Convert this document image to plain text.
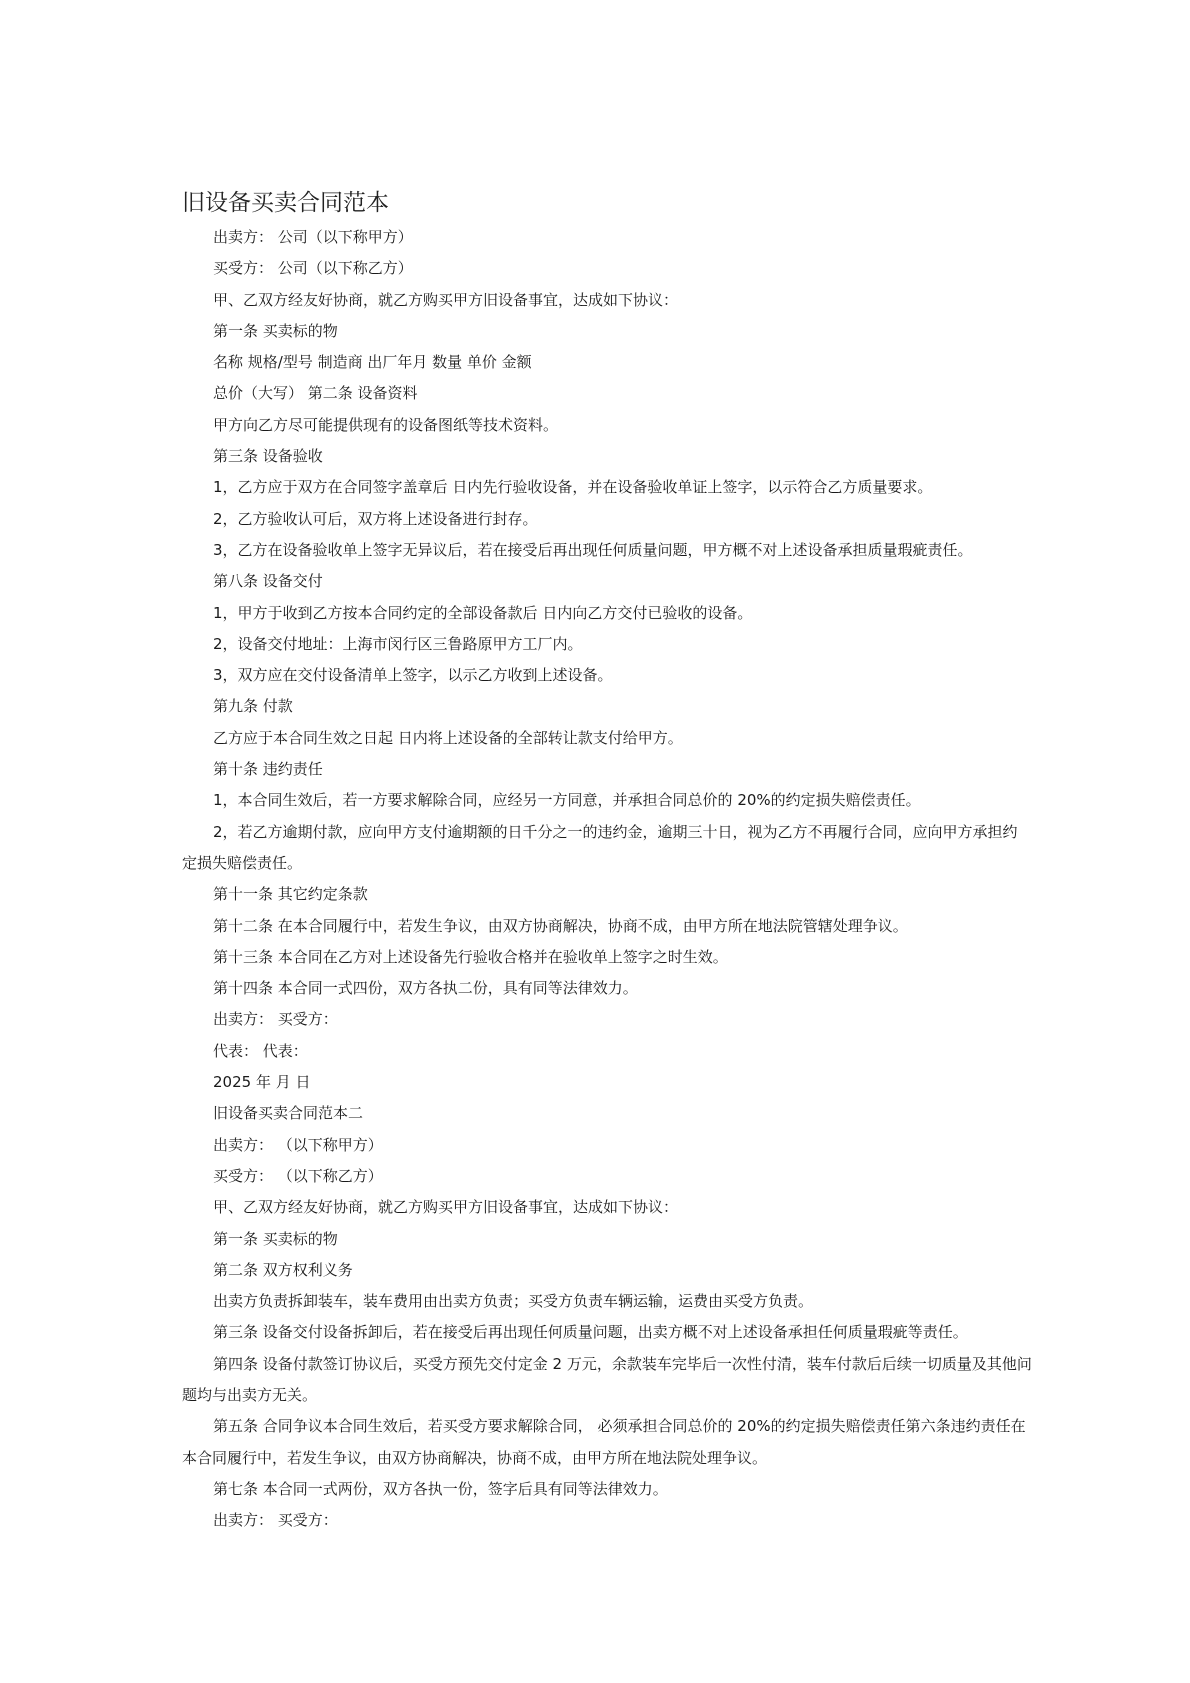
旧设备买卖合同范本

出卖方： 公司（以下称甲方）

买受方： 公司（以下称乙方）

甲、乙双方经友好协商，就乙方购买甲方旧设备事宜，达成如下协议：

第一条 买卖标的物

名称 规格/型号 制造商 出厂年月 数量 单价 金额

总价（大写） 第二条 设备资料

甲方向乙方尽可能提供现有的设备图纸等技术资料。

第三条 设备验收

1，乙方应于双方在合同签字盖章后 日内先行验收设备，并在设备验收单证上签字，以示符合乙方质量要求。

2，乙方验收认可后，双方将上述设备进行封存。

3，乙方在设备验收单上签字无异议后，若在接受后再出现任何质量问题，甲方概不对上述设备承担质量瑕疵责任。

第八条 设备交付

1，甲方于收到乙方按本合同约定的全部设备款后 日内向乙方交付已验收的设备。

2，设备交付地址：上海市闵行区三鲁路原甲方工厂内。

3，双方应在交付设备清单上签字，以示乙方收到上述设备。

第九条 付款

乙方应于本合同生效之日起 日内将上述设备的全部转让款支付给甲方。

第十条 违约责任

1，本合同生效后，若一方要求解除合同，应经另一方同意，并承担合同总价的 20%的约定损失赔偿责任。

2，若乙方逾期付款，应向甲方支付逾期额的日千分之一的违约金，逾期三十日，视为乙方不再履行合同，应向甲方承担约定损失赔偿责任。

第十一条 其它约定条款

第十二条 在本合同履行中，若发生争议，由双方协商解决，协商不成，由甲方所在地法院管辖处理争议。

第十三条 本合同在乙方对上述设备先行验收合格并在验收单上签字之时生效。

第十四条 本合同一式四份，双方各执二份，具有同等法律效力。

出卖方： 买受方：

代表： 代表：

2025 年 月 日

旧设备买卖合同范本二

出卖方： （以下称甲方）

买受方： （以下称乙方）

甲、乙双方经友好协商，就乙方购买甲方旧设备事宜，达成如下协议：

第一条 买卖标的物

第二条 双方权利义务

出卖方负责拆卸装车，装车费用由出卖方负责；买受方负责车辆运输，运费由买受方负责。

第三条 设备交付设备拆卸后，若在接受后再出现任何质量问题，出卖方概不对上述设备承担任何质量瑕疵等责任。

第四条 设备付款签订协议后，买受方预先交付定金 2 万元，余款装车完毕后一次性付清，装车付款后后续一切质量及其他问题均与出卖方无关。

第五条 合同争议本合同生效后，若买受方要求解除合同， 必须承担合同总价的 20%的约定损失赔偿责任第六条违约责任在本合同履行中，若发生争议，由双方协商解决，协商不成，由甲方所在地法院处理争议。

第七条 本合同一式两份，双方各执一份，签字后具有同等法律效力。

出卖方： 买受方：
